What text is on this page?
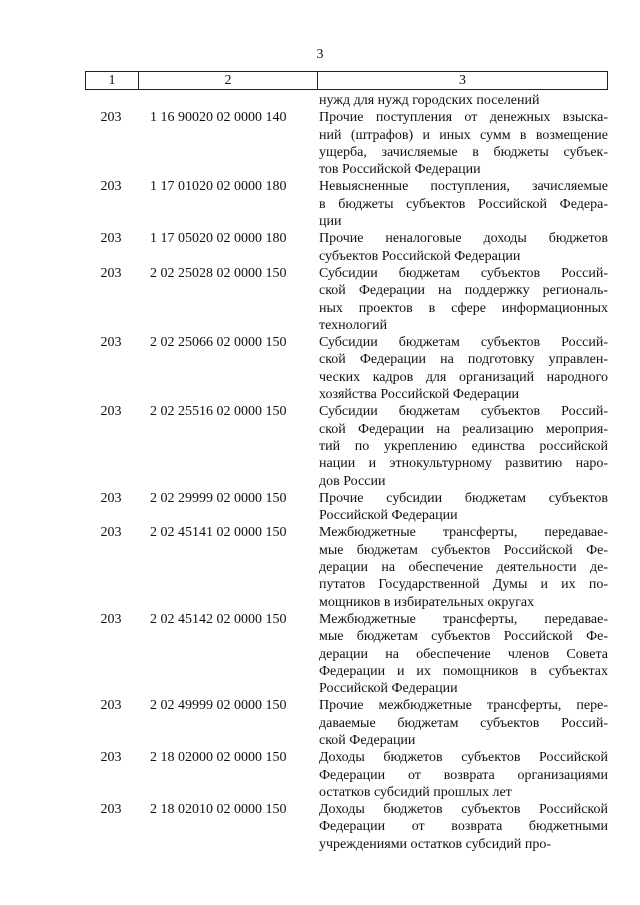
3
1	2	3
нужд для нужд городских поселений
203	1 16 90020 02 0000 140	Прочие поступления от денежных взыска-
ний (штрафов) и иных сумм в возмещение
ущерба, зачисляемые в бюджеты субъек-
тов Российской Федерации
203	1 17 01020 02 0000 180	Невыясненные поступления, зачисляемые
в бюджеты субъектов Российской Федера-
ции
203	1 17 05020 02 0000 180	Прочие неналоговые доходы бюджетов
субъектов Российской Федерации
203	2 02 25028 02 0000 150	Субсидии бюджетам субъектов Россий-
ской Федерации на поддержку региональ-
ных проектов в сфере информационных
технологий
203	2 02 25066 02 0000 150	Субсидии бюджетам субъектов Россий-
ской Федерации на подготовку управлен-
ческих кадров для организаций народного
хозяйства Российской Федерации
203	2 02 25516 02 0000 150	Субсидии бюджетам субъектов Россий-
ской Федерации на реализацию мероприя-
тий по укреплению единства российской
нации и этнокультурному развитию наро-
дов России
203	2 02 29999 02 0000 150	Прочие субсидии бюджетам субъектов
Российской Федерации
203	2 02 45141 02 0000 150	Межбюджетные трансферты, передавае-
мые бюджетам субъектов Российской Фе-
дерации на обеспечение деятельности де-
путатов Государственной Думы и их по-
мощников в избирательных округах
203	2 02 45142 02 0000 150	Межбюджетные трансферты, передавае-
мые бюджетам субъектов Российской Фе-
дерации на обеспечение членов Совета
Федерации и их помощников в субъектах
Российской Федерации
203	2 02 49999 02 0000 150	Прочие межбюджетные трансферты, пере-
даваемые бюджетам субъектов Россий-
ской Федерации
203	2 18 02000 02 0000 150	Доходы бюджетов субъектов Российской
Федерации от возврата организациями
остатков субсидий прошлых лет
203	2 18 02010 02 0000 150	Доходы бюджетов субъектов Российской
Федерации от возврата бюджетными
учреждениями остатков субсидий про-
